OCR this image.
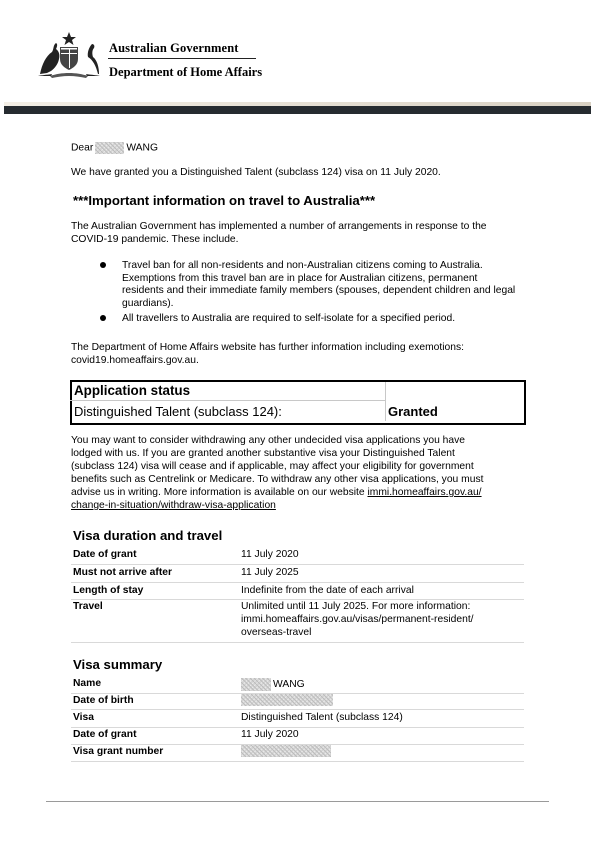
Australian Government
Department of Home Affairs
Dear	WANG
We have granted you a Distinguished Talent (subclass 124) visa on 11 July 2020.
***Important information on travel to Australia***
The Australian Government has implemented a number of arrangements in response to the
COVID-19 pandemic. These include.
Travel ban for all non-residents and non-Australian citizens coming to Australia. Exemptions from this travel ban are in place for Australian citizens, permanent residents and their immediate family members (spouses, dependent children and legal guardians).
All travellers to Australia are required to self-isolate for a specified period.
The Department of Home Affairs website has further information including exemotions:
covid19.homeaffairs.gov.au.
Application status
Distinguished Talent (subclass 124):	Granted
You may want to consider withdrawing any other undecided visa applications you have
lodged with us. If you are granted another substantive visa your Distinguished Talent
(subclass 124) visa will cease and if applicable, may affect your eligibility for government
benefits such as Centrelink or Medicare. To withdraw any other visa applications, you must
advise us in writing. More information is available on our website immi.homeaffairs.gov.au/
change-in-situation/withdraw-visa-application
Visa duration and travel
Date of grant	11 July 2020
Must not arrive after	11 July 2025
Length of stay	Indefinite from the date of each arrival
Travel	Unlimited until 11 July 2025. For more information:
immi.homeaffairs.gov.au/visas/permanent-resident/
overseas-travel
Visa summary
Name	WANG
Date of birth
Visa	Distinguished Talent (subclass 124)
Date of grant	11 July 2020
Visa grant number
